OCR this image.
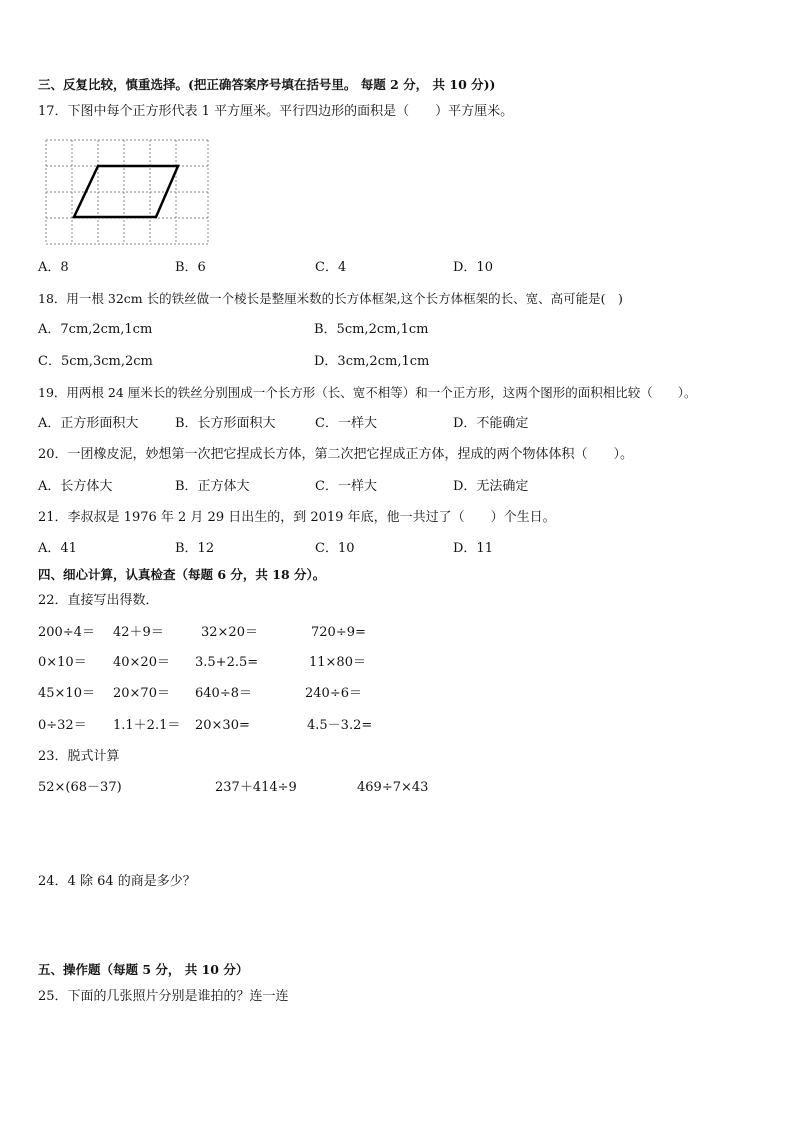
三、反复比较，慎重选择。(把正确答案序号填在括号里。 每题 2 分， 共 10 分))
17．下图中每个正方形代表 1 平方厘米。平行四边形的面积是（　　）平方厘米。
A．8	B．6	C．4	D．10
18．用一根 32cm 长的铁丝做一个棱长是整厘米数的长方体框架,这个长方体框架的长、宽、高可能是(　)
A．7cm,2cm,1cm	B．5cm,2cm,1cm
C．5cm,3cm,2cm	D．3cm,2cm,1cm
19．用两根 24 厘米长的铁丝分别围成一个长方形（长、宽不相等）和一个正方形，这两个图形的面积相比较（　　）。
A．正方形面积大	B．长方形面积大	C．一样大	D．不能确定
20．一团橡皮泥，妙想第一次把它捏成长方体，第二次把它捏成正方体，捏成的两个物体体积（　　）。
A．长方体大	B．正方体大	C．一样大	D．无法确定
21．李叔叔是 1976 年 2 月 29 日出生的，到 2019 年底，他一共过了（　　）个生日。
A．41	B．12	C．10	D．11
四、细心计算，认真检查（每题 6 分，共 18 分）。
22．直接写出得数．
200÷4＝ 42＋9＝	32×20＝	720÷9=
0×10＝ 40×20＝ 3.5+2.5=	11×80＝
45×10＝ 20×70＝ 640÷8＝	240÷6＝
0÷32＝ 1.1＋2.1＝ 20×30=	4.5－3.2=
23．脱式计算
52×(68－37)	237＋414÷9	469÷7×43
24．4 除 64 的商是多少？
五、操作题（每题 5 分， 共 10 分）
25．下面的几张照片分别是谁拍的？连一连
